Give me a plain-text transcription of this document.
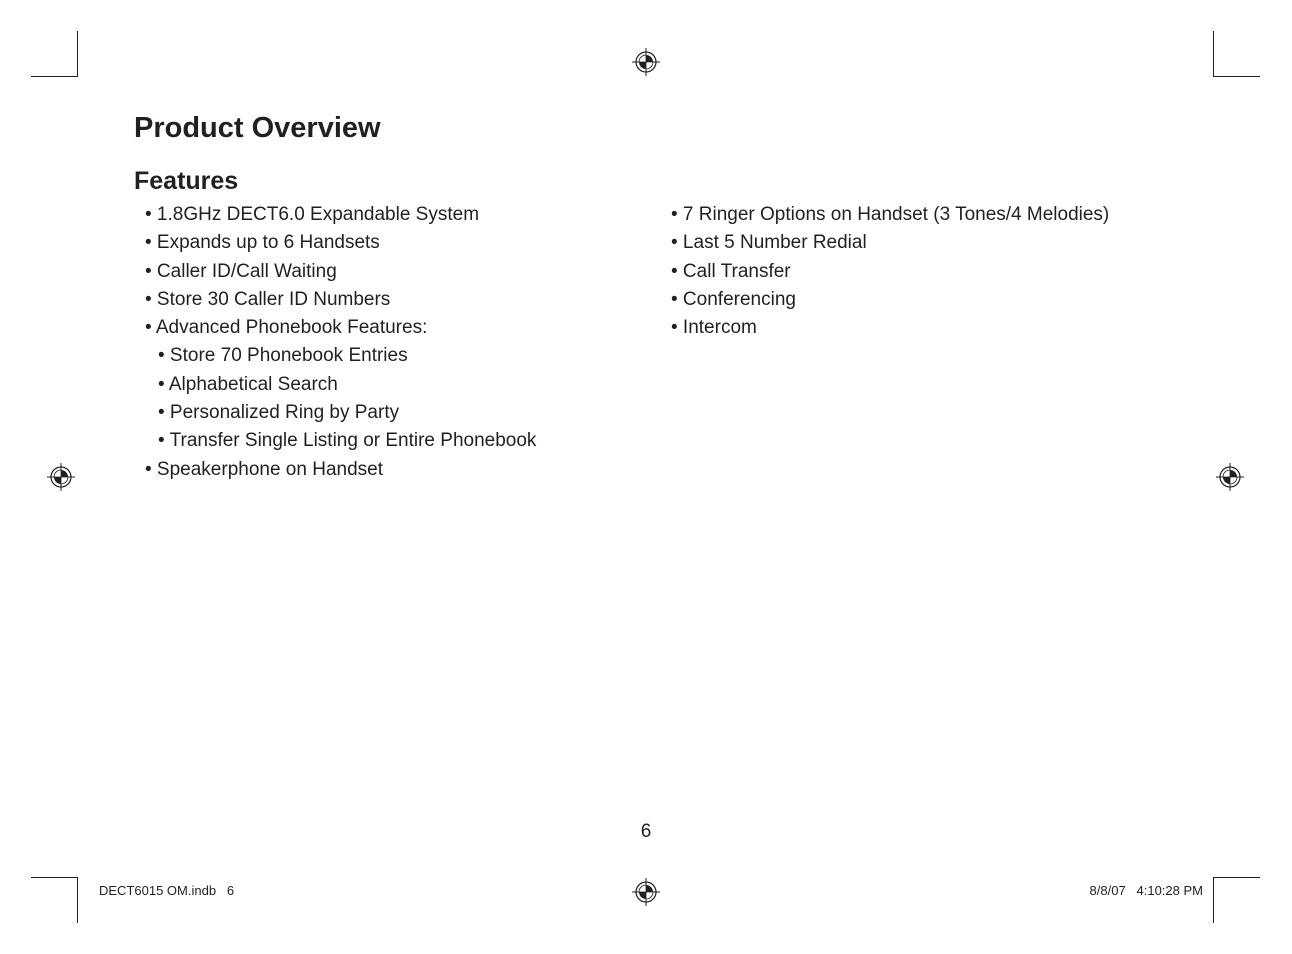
Product Overview
Features
• 1.8GHz DECT6.0 Expandable System
• Expands up to 6 Handsets
• Caller ID/Call Waiting
• Store 30 Caller ID Numbers
• Advanced Phonebook Features:
• Store 70 Phonebook Entries
• Alphabetical Search
• Personalized Ring by Party
• Transfer Single Listing or Entire Phonebook
• Speakerphone on Handset
• 7 Ringer Options on Handset (3 Tones/4 Melodies)
• Last 5 Number Redial
• Call Transfer
• Conferencing
• Intercom
6
DECT6015 OM.indb   6	8/8/07   4:10:28 PM
